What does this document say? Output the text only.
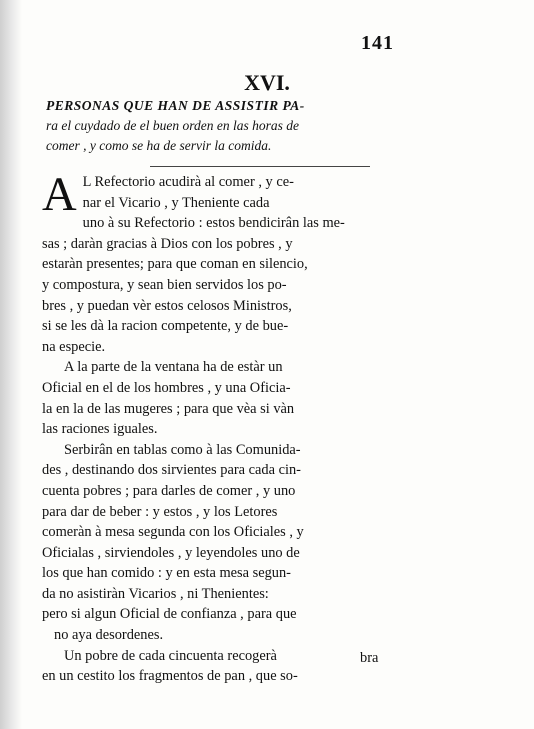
141
XVI.
PERSONAS QUE HAN DE ASSISTIR PA-
ra el cuydado de el buen orden en las horas de
comer , y como se ha de servir la comida.
A L Refectorio acudirà al comer , y ce-
nar el Vicario , y Theniente cada
uno à su Refectorio : estos bendicirân las me-
sas ; daràn gracias à Dios con los pobres , y
estaràn presentes; para que coman en silencio,
y compostura, y sean bien servidos los po-
bres , y puedan vèr estos celosos Ministros,
si se les dà la racion competente, y de bue-
na especie.
A la parte de la ventana ha de estàr un
Oficial en el de los hombres , y una Oficia-
la en la de las mugeres ; para que vèa si vàn
las raciones iguales.
Serbirân en tablas como à las Comunida-
des , destinando dos sirvientes para cada cin-
cuenta pobres ; para darles de comer , y uno
para dar de beber : y estos , y los Letores
comeràn à mesa segunda con los Oficiales , y
Oficialas , sirviendoles , y leyendoles uno de
los que han comido : y en esta mesa segun-
da no asistiràn Vicarios , ni Thenientes:
pero si algun Oficial de confianza , para que
no aya desordenes.
Un pobre de cada cincuenta recogerà
en un cestito los fragmentos de pan , que so-
bra
